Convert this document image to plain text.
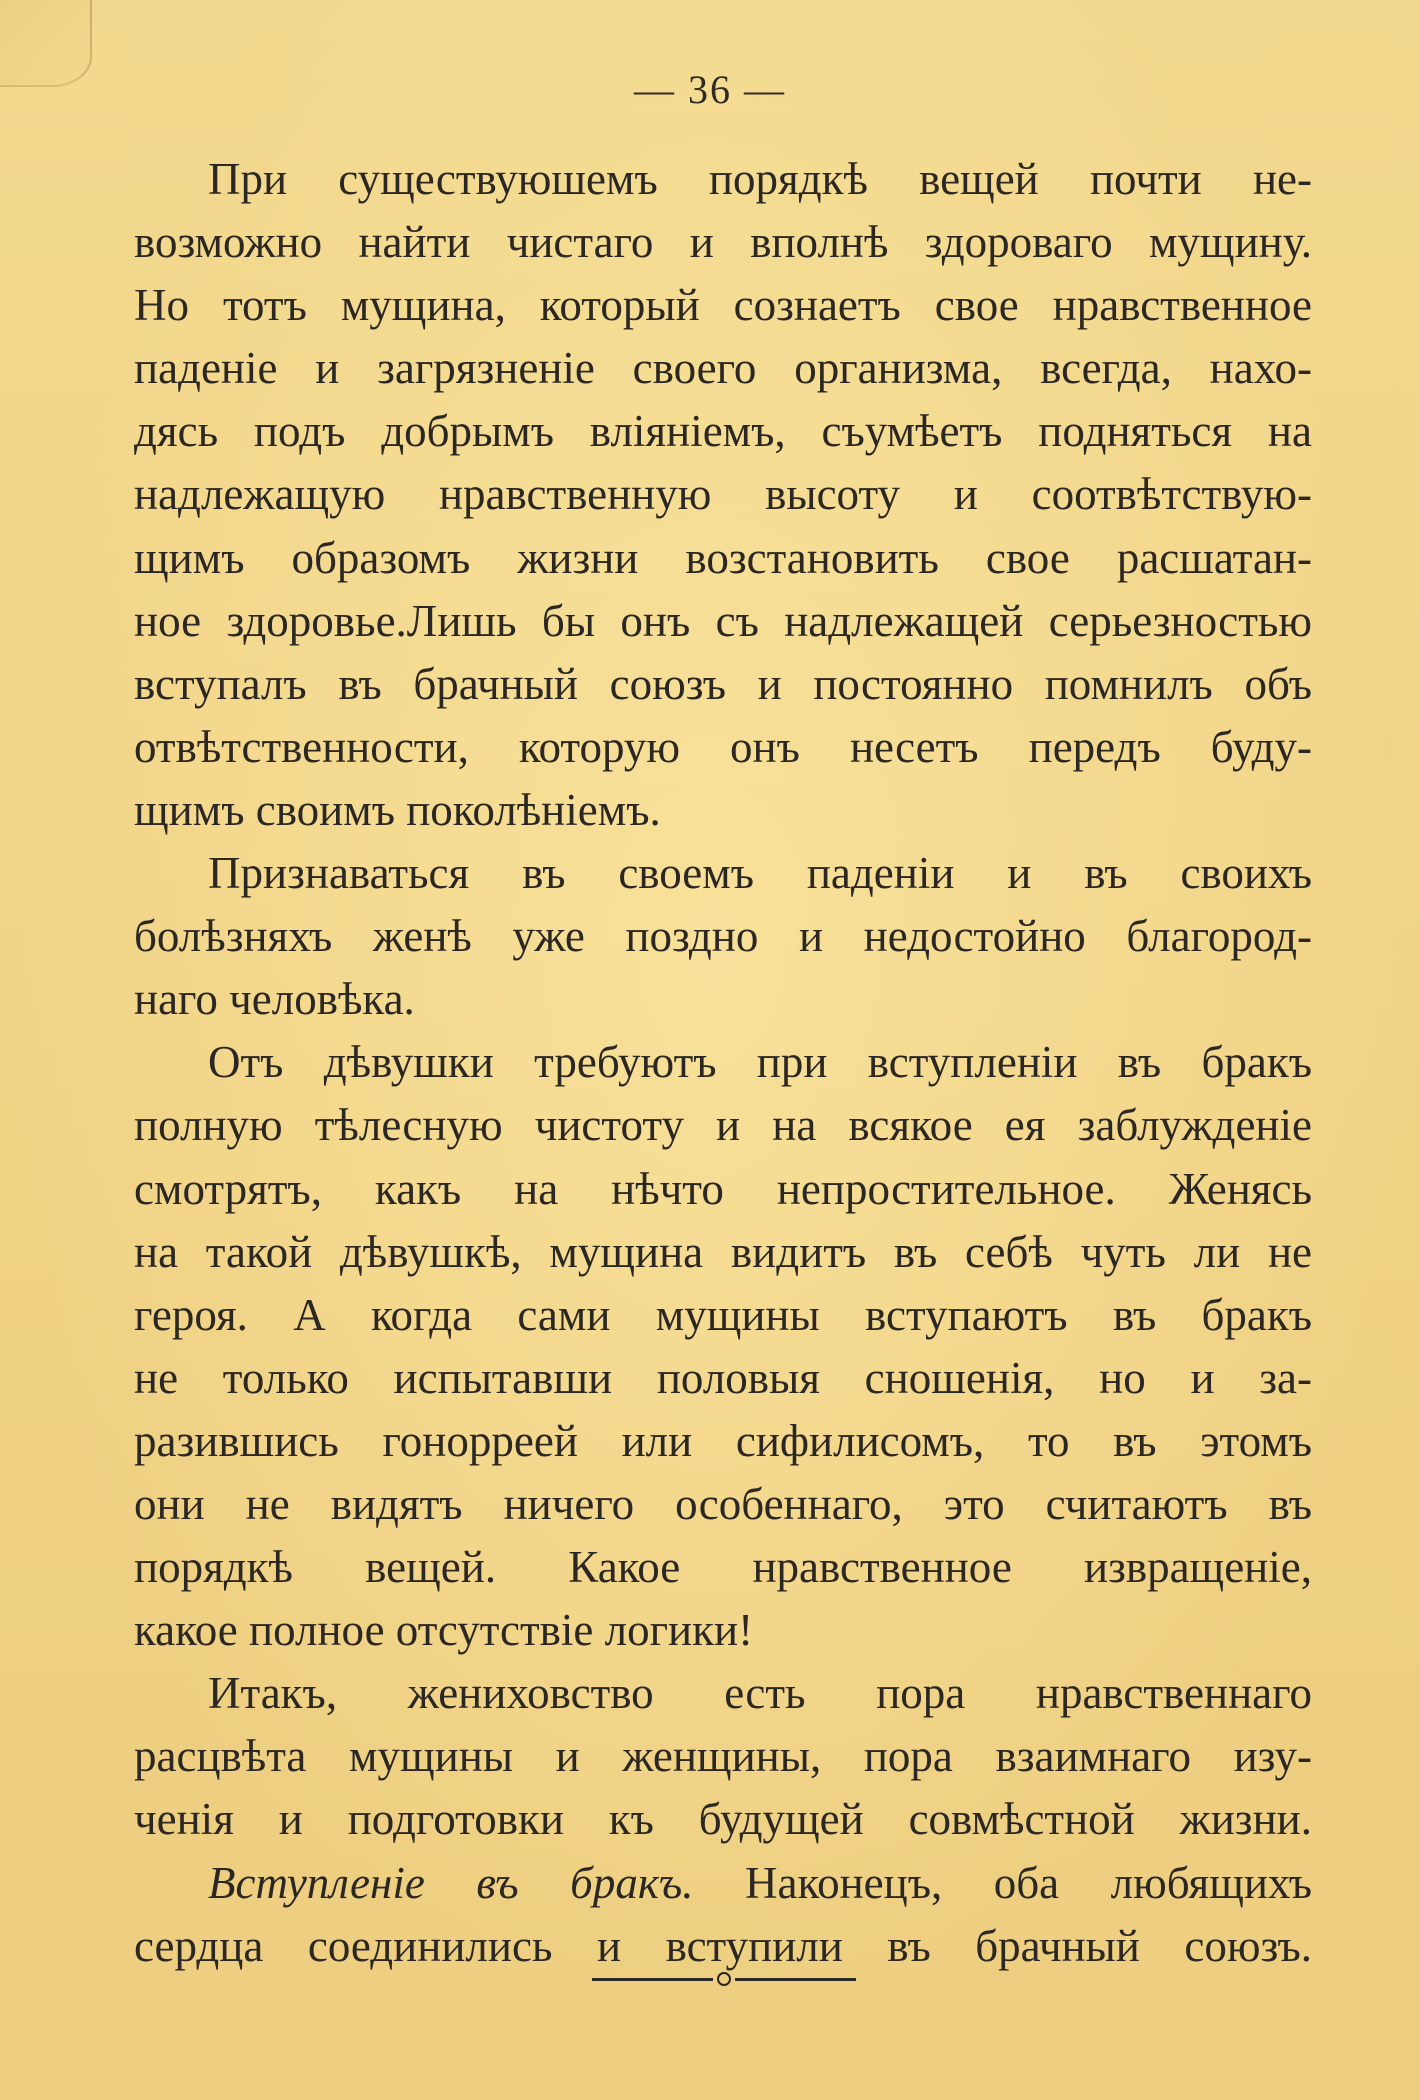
— 36 —
При существуюшемъ порядкѣ вещей почти не-
возможно найти чистаго и вполнѣ здороваго мущину.
Но тотъ мущина, который сознаетъ свое нравственное
паденіе и загрязненіе своего организма, всегда, нахо-
дясь подъ добрымъ вліяніемъ, съумѣетъ подняться на
надлежащую нравственную высоту и соотвѣтствую-
щимъ образомъ жизни возстановить свое расшатан-
ное здоровье.Лишь бы онъ съ надлежащей серьезностью
вступалъ въ брачный союзъ и постоянно помнилъ объ
отвѣтственности, которую онъ несетъ передъ буду-
щимъ своимъ поколѣніемъ.
Признаваться въ своемъ паденіи и въ своихъ
болѣзняхъ женѣ уже поздно и недостойно благород-
наго человѣка.
Отъ дѣвушки требуютъ при вступленіи въ бракъ
полную тѣлесную чистоту и на всякое ея заблужденіе
смотрятъ, какъ на нѣчто непростительное. Женясь
на такой дѣвушкѣ, мущина видитъ въ себѣ чуть ли не
героя. А когда сами мущины вступаютъ въ бракъ
не только испытавши половыя сношенія, но и за-
разившись гонорреей или сифилисомъ, то въ этомъ
они не видятъ ничего особеннаго, это считаютъ въ
порядкѣ вещей. Какое нравственное извращеніе,
какое полное отсутствіе логики!
Итакъ, жениховство есть пора нравственнаго
расцвѣта мущины и женщины, пора взаимнаго изу-
ченія и подготовки къ будущей совмѣстной жизни.
Вступленіе въ бракъ. Наконецъ, оба любящихъ
сердца соединились и вступили въ брачный союзъ.
